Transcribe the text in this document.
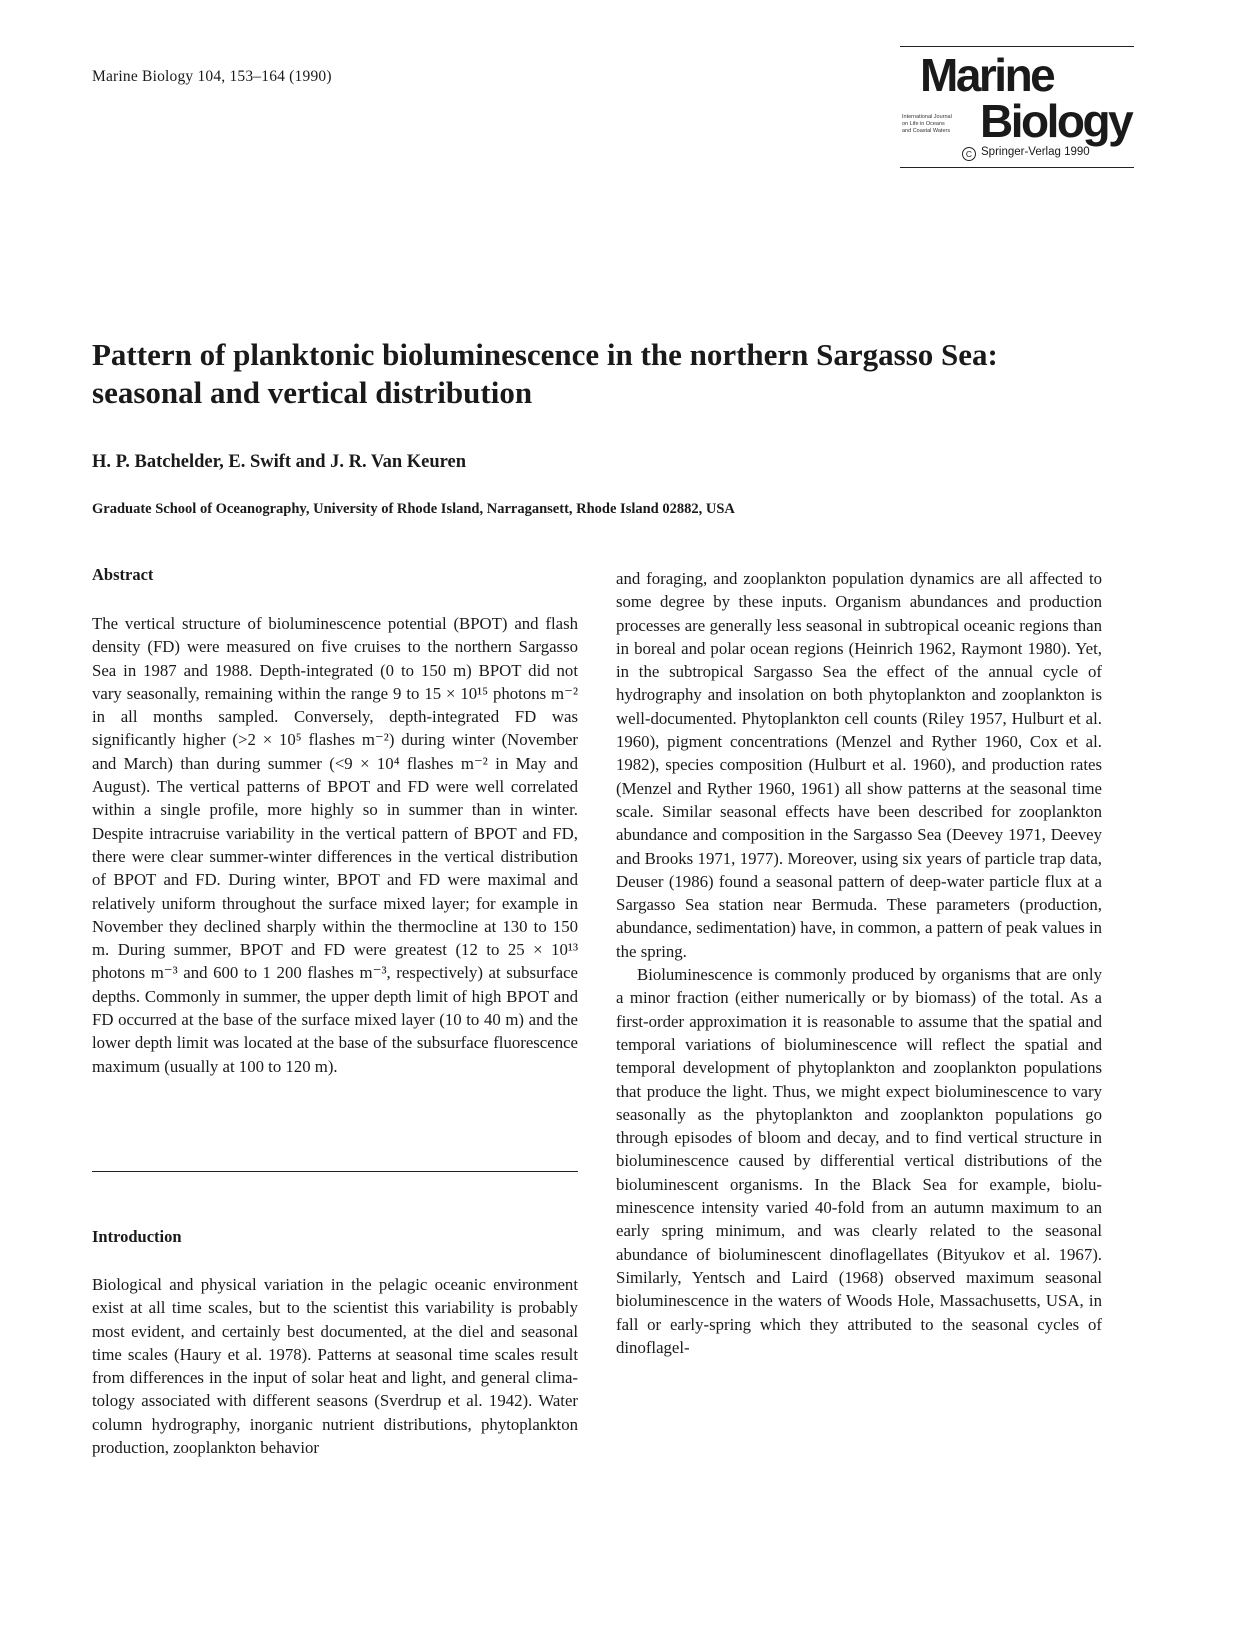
Marine Biology 104, 153–164 (1990)	Marine
International Journal
on Life in Oceans
and Coastal Waters Biology
C Springer-Verlag 1990
Pattern of planktonic bioluminescence in the northern Sargasso Sea:
seasonal and vertical distribution
H. P. Batchelder, E. Swift and J. R. Van Keuren
Graduate School of Oceanography, University of Rhode Island, Narragansett, Rhode Island 02882, USA
Abstract

The vertical structure of bioluminescence potential (BPOT) and flash density (FD) were measured on five cruises to the northern Sargasso Sea in 1987 and 1988. Depth-integrated (0 to 150 m) BPOT did not vary seasonally, remaining within the range 9 to 15 × 10¹⁵ photons m⁻² in all months sampled. Conversely, depth-integrated FD was significantly higher (>2 × 10⁵ flashes m⁻²) during winter (November and March) than during summer (<9 × 10⁴ flashes m⁻² in May and August). The vertical patterns of BPOT and FD were well correlated within a single profile, more highly so in summer than in winter. Despite intracruise variability in the vertical pattern of BPOT and FD, there were clear summer-winter differences in the vertical distribution of BPOT and FD. During winter, BPOT and FD were maximal and relatively uniform throughout the surface mixed layer; for example in November they declined sharply within the thermocline at 130 to 150 m. During summer, BPOT and FD were greatest (12 to 25 × 10¹³ photons m⁻³ and 600 to 1 200 flashes m⁻³, respectively) at subsurface depths. Commonly in summer, the upper depth limit of high BPOT and FD occurred at the base of the surface mixed layer (10 to 40 m) and the lower depth limit was located at the base of the subsurface fluorescence maximum (usually at 100 to 120 m).

Introduction

Biological and physical variation in the pelagic oceanic environment exist at all time scales, but to the scientist this variability is probably most evident, and certainly best documented, at the diel and seasonal time scales (Haury et al. 1978). Patterns at seasonal time scales result from differences in the input of solar heat and light, and general climatology associated with different seasons (Sverdrup et al. 1942). Water column hydrography, inorganic nutrient distributions, phytoplankton production, zooplankton behavior

and foraging, and zooplankton population dynamics are all affected to some degree by these inputs. Organism abundances and production processes are generally less seasonal in subtropical oceanic regions than in boreal and polar ocean regions (Heinrich 1962, Raymont 1980). Yet, in the subtropical Sargasso Sea the effect of the annual cycle of hydrography and insolation on both phytoplankton and zooplankton is well-documented. Phytoplankton cell counts (Riley 1957, Hulburt et al. 1960), pigment concentrations (Menzel and Ryther 1960, Cox et al. 1982), species composition (Hulburt et al. 1960), and production rates (Menzel and Ryther 1960, 1961) all show patterns at the seasonal time scale. Similar seasonal effects have been described for zooplankton abundance and composition in the Sargasso Sea (Deevey 1971, Deevey and Brooks 1971, 1977). Moreover, using six years of particle trap data, Deuser (1986) found a seasonal pattern of deep-water particle flux at a Sargasso Sea station near Bermuda. These parameters (production, abundance, sedimentation) have, in common, a pattern of peak values in the spring.

Bioluminescence is commonly produced by organisms that are only a minor fraction (either numerically or by biomass) of the total. As a first-order approximation it is reasonable to assume that the spatial and temporal variations of bioluminescence will reflect the spatial and temporal development of phytoplankton and zooplankton populations that produce the light. Thus, we might expect bioluminescence to vary seasonally as the phytoplankton and zooplankton populations go through episodes of bloom and decay, and to find vertical structure in bioluminescence caused by differential vertical distributions of the bioluminescent organisms. In the Black Sea for example, bioluminescence intensity varied 40-fold from an autumn maximum to an early spring minimum, and was clearly related to the seasonal abundance of bioluminescent dinoflagellates (Bityukov et al. 1967). Similarly, Yentsch and Laird (1968) observed maximum seasonal bioluminescence in the waters of Woods Hole, Massachusetts, USA, in fall or early-spring which they attributed to the seasonal cycles of dinoflagel-
